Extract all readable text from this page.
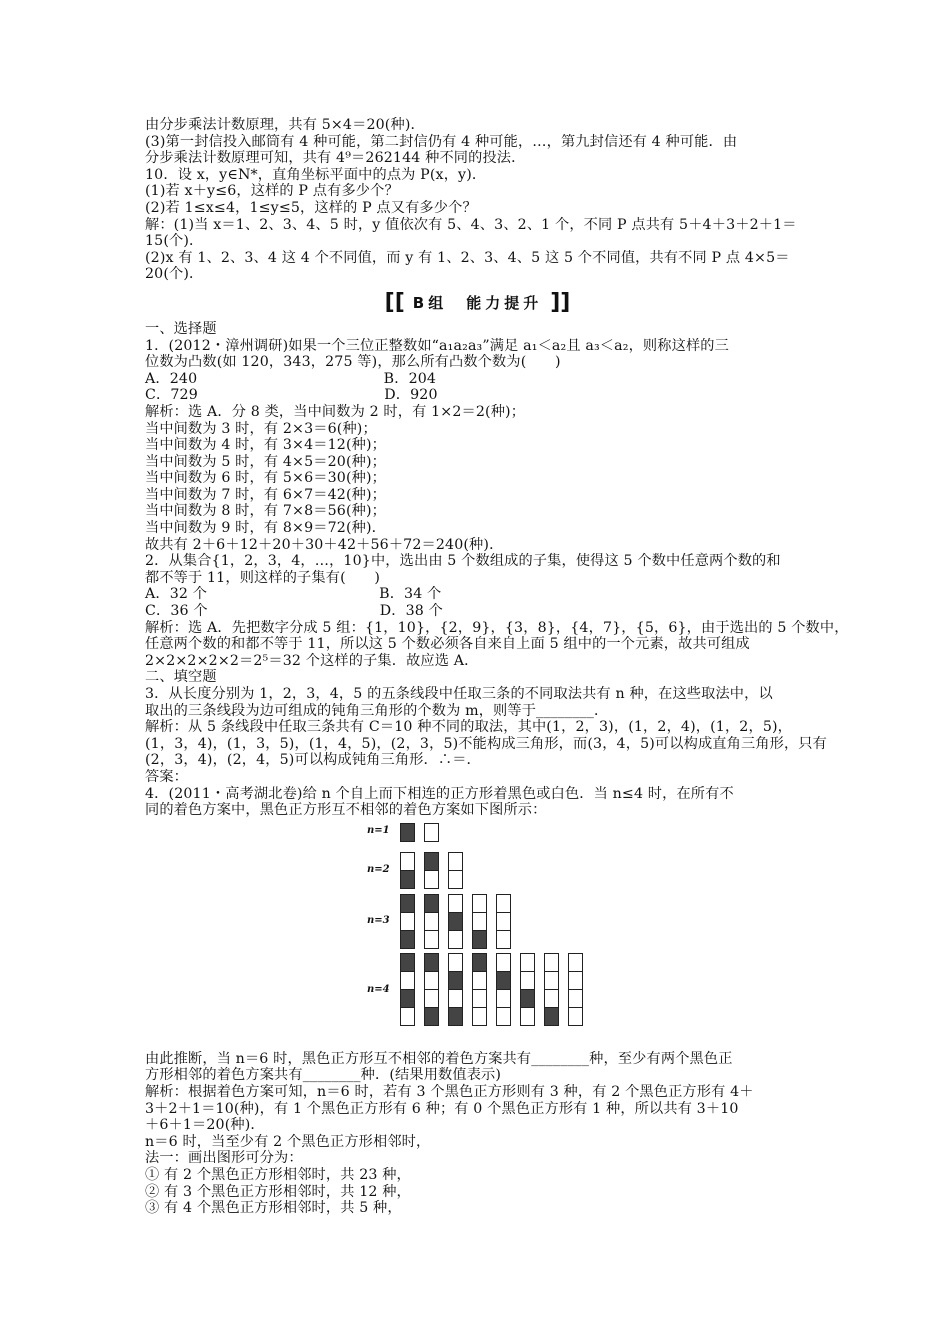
由分步乘法计数原理，共有 5×4＝20(种)．
(3)第一封信投入邮筒有 4 种可能，第二封信仍有 4 种可能，…，第九封信还有 4 种可能．由
分步乘法计数原理可知，共有 4⁹＝262144 种不同的投法．
10．设 x，y∈N*，直角坐标平面中的点为 P(x，y)．
(1)若 x＋y≤6，这样的 P 点有多少个？
(2)若 1≤x≤4，1≤y≤5，这样的 P 点又有多少个？
解：(1)当 x＝1、2、3、4、5 时，y 值依次有 5、4、3、2、1 个，不同 P 点共有 5＋4＋3＋2＋1＝
15(个)．
(2)x 有 1、2、3、4 这 4 个不同值，而 y 有 1、2、3、4、5 这 5 个不同值，共有不同 P 点 4×5＝
20(个)．
[[ B组　能力提升 ]]
一、选择题
1．(2012・漳州调研)如果一个三位正整数如“a₁a₂a₃”满足 a₁＜a₂且 a₃＜a₂，则称这样的三
位数为凸数(如 120，343，275 等)，那么所有凸数个数为(　　)
A．240　　　　　　　　　　　　　B．204
C．729　　　　　　　　　　　　　D．920
解析：选 A．分 8 类，当中间数为 2 时，有 1×2＝2(种)；
当中间数为 3 时，有 2×3＝6(种)；
当中间数为 4 时，有 3×4＝12(种)；
当中间数为 5 时，有 4×5＝20(种)；
当中间数为 6 时，有 5×6＝30(种)；
当中间数为 7 时，有 6×7＝42(种)；
当中间数为 8 时，有 7×8＝56(种)；
当中间数为 9 时，有 8×9＝72(种)．
故共有 2＋6＋12＋20＋30＋42＋56＋72＝240(种)．
2．从集合{1，2，3，4，…，10}中，选出由 5 个数组成的子集，使得这 5 个数中任意两个数的和
都不等于 11，则这样的子集有(　　)
A．32 个　　　　　　　　　　　　B．34 个
C．36 个　　　　　　　　　　　　D．38 个
解析：选 A．先把数字分成 5 组：{1，10}，{2，9}，{3，8}，{4，7}，{5，6}，由于选出的 5 个数中，
任意两个数的和都不等于 11，所以这 5 个数必须各自来自上面 5 组中的一个元素，故共可组成
2×2×2×2×2＝2⁵＝32 个这样的子集．故应选 A．
二、填空题
3．从长度分别为 1，2，3，4，5 的五条线段中任取三条的不同取法共有 n 种，在这些取法中，以
取出的三条线段为边可组成的钝角三角形的个数为 m，则等于________．
解析：从 5 条线段中任取三条共有 C＝10 种不同的取法，其中(1，2，3)，(1，2，4)，(1，2，5)，
(1，3，4)，(1，3，5)，(1，4，5)，(2，3，5)不能构成三角形，而(3，4，5)可以构成直角三角形，只有
(2，3，4)，(2，4，5)可以构成钝角三角形．∴＝．
答案：
4．(2011・高考湖北卷)给 n 个自上而下相连的正方形着黑色或白色．当 n≤4 时，在所有不
同的着色方案中，黑色正方形互不相邻的着色方案如下图所示：
n=1
n=2
n=3
n=4
由此推断，当 n＝6 时，黑色正方形互不相邻的着色方案共有________种，至少有两个黑色正
方形相邻的着色方案共有________种．(结果用数值表示)
解析：根据着色方案可知，n＝6 时，若有 3 个黑色正方形则有 3 种，有 2 个黑色正方形有 4＋
3＋2＋1＝10(种)，有 1 个黑色正方形有 6 种；有 0 个黑色正方形有 1 种，所以共有 3＋10
＋6＋1＝20(种)．
n＝6 时，当至少有 2 个黑色正方形相邻时，
法一：画出图形可分为：
① 有 2 个黑色正方形相邻时，共 23 种，
② 有 3 个黑色正方形相邻时，共 12 种，
③ 有 4 个黑色正方形相邻时，共 5 种，
